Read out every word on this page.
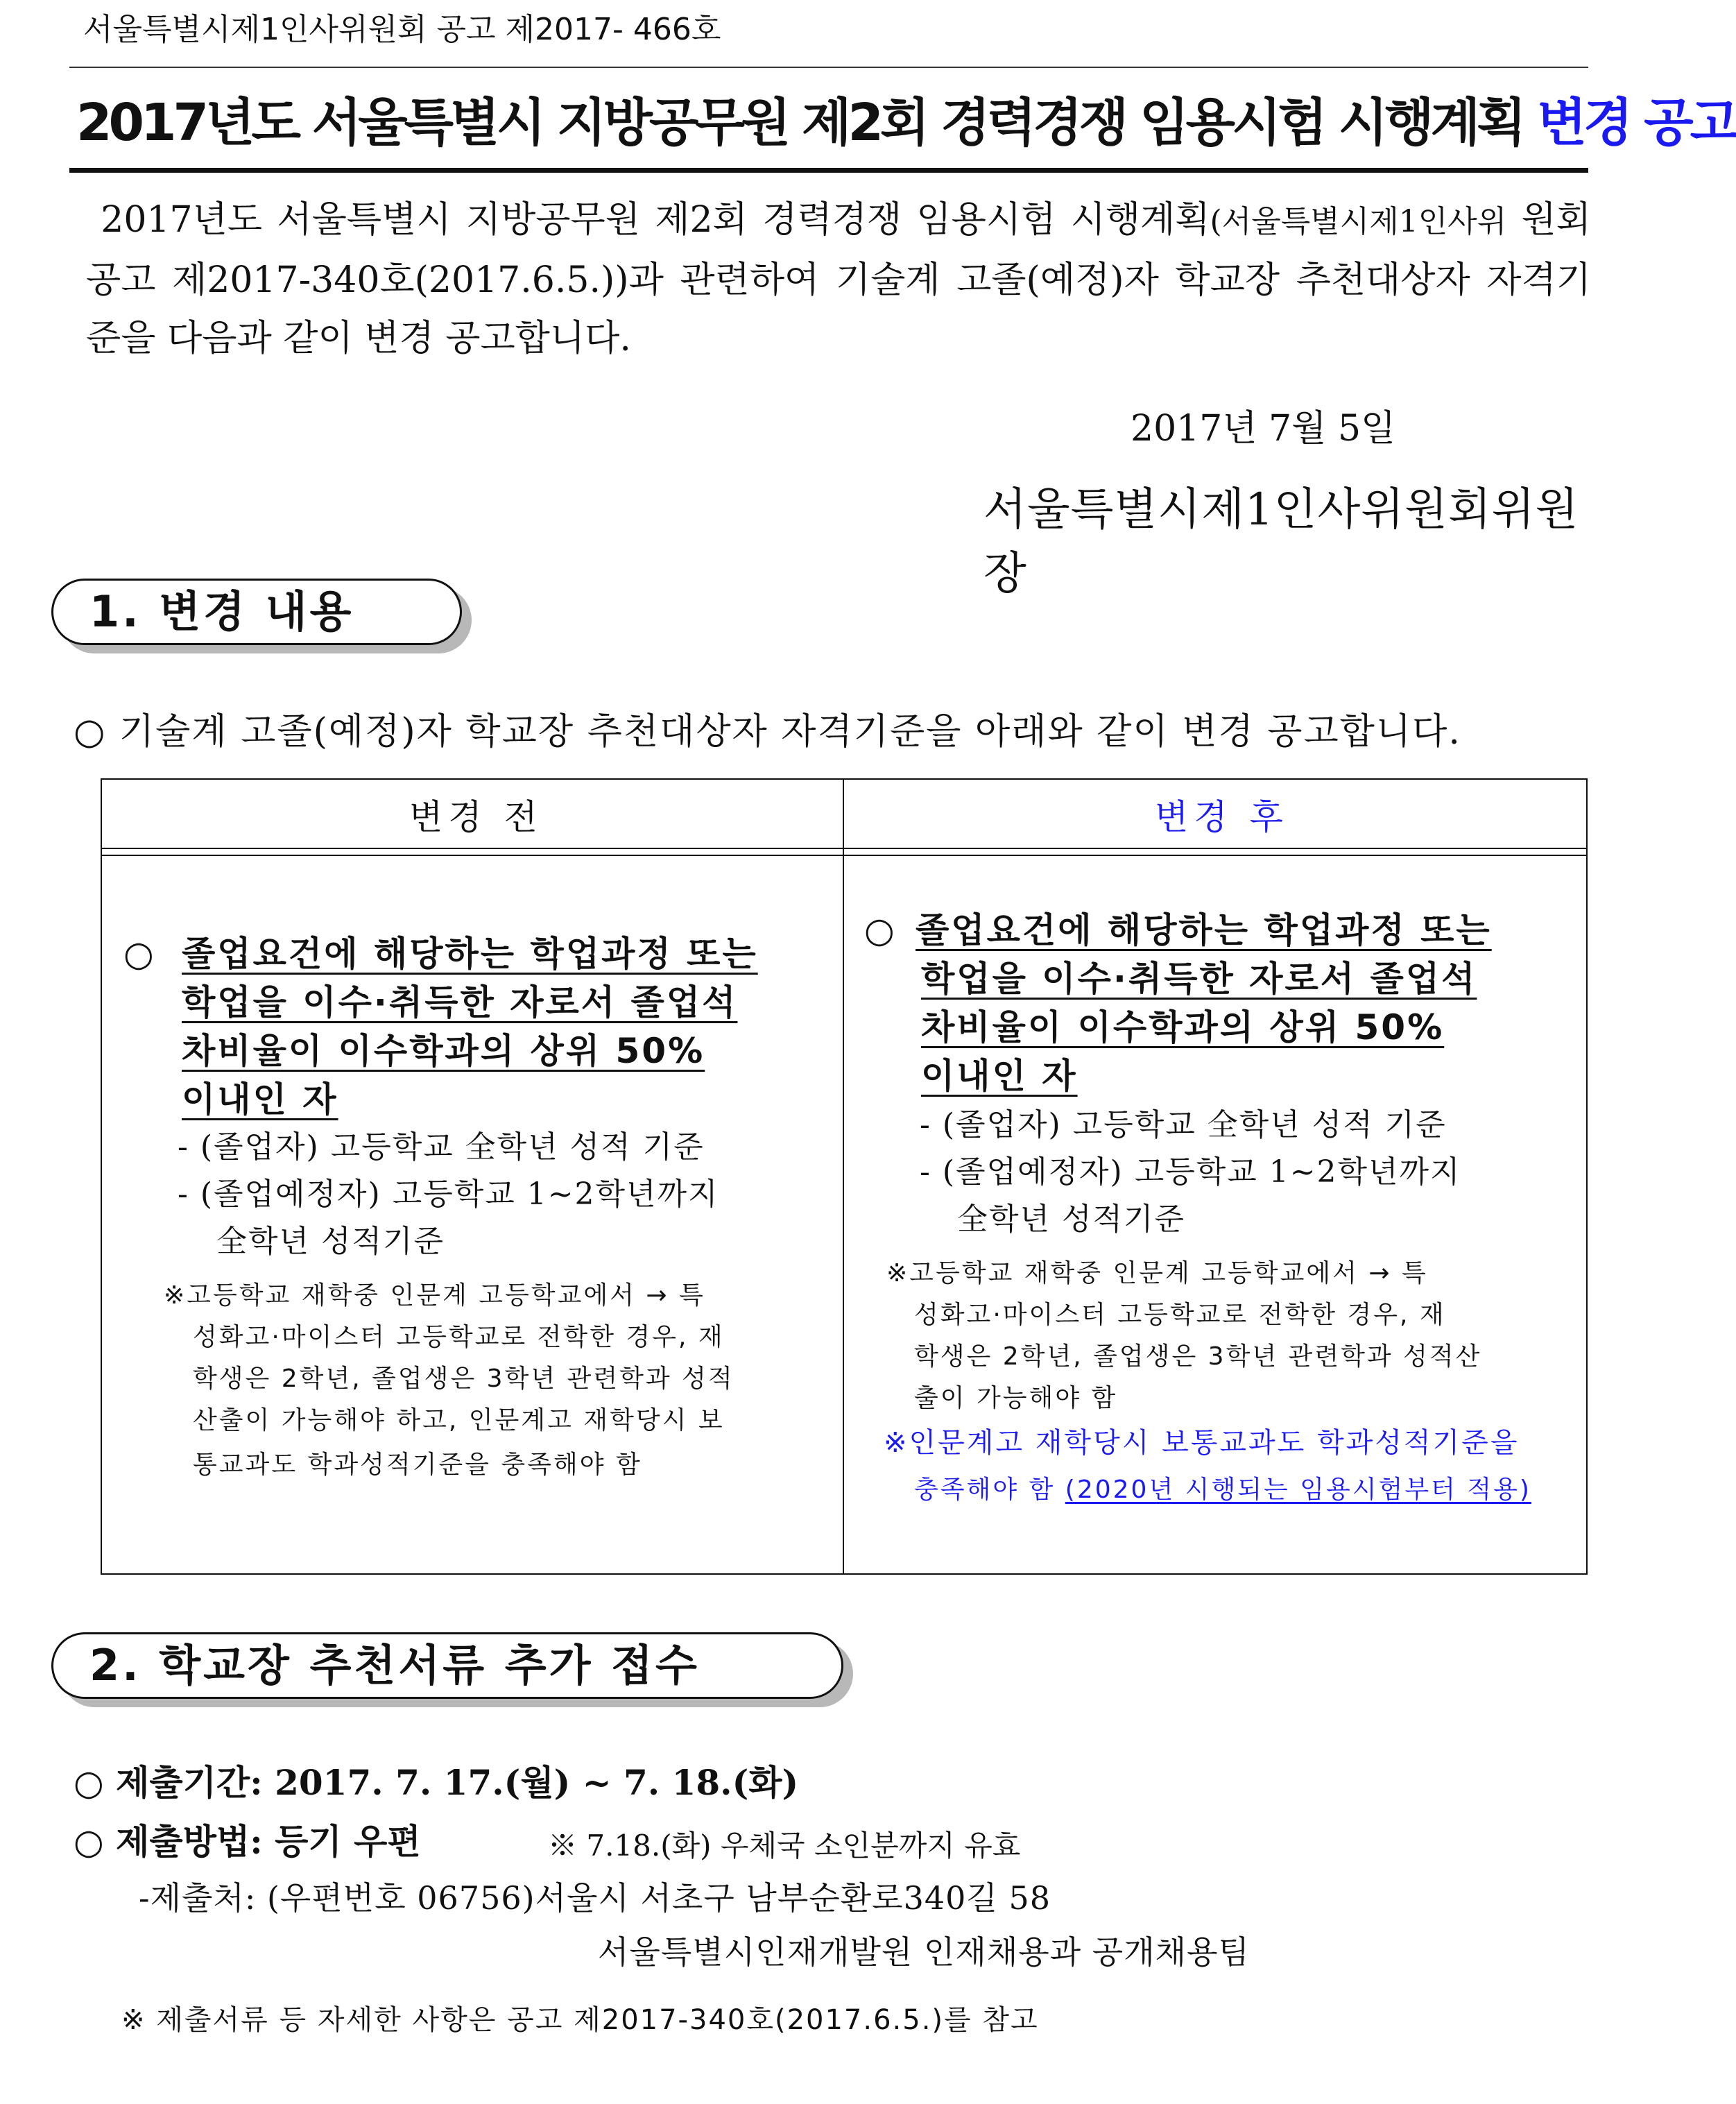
서울특별시제1인사위원회 공고 제2017- 466호
2017년도 서울특별시 지방공무원 제2회 경력경쟁 임용시험 시행계획 변경 공고
2017년도 서울특별시 지방공무원 제2회 경력경쟁 임용시험 시행계획(서울특별시제1인사위 원회 공고 제2017-340호(2017.6.5.))과 관련하여 기술계 고졸(예정)자 학교장 추천대상자 자격기준을 다음과 같이 변경 공고합니다.
2017년 7월 5일
서울특별시제1인사위원회위원장
1. 변경 내용
○ 기술계 고졸(예정)자 학교장 추천대상자 자격기준을 아래와 같이 변경 공고합니다.
변경 전	변경 후
○ 졸업요건에 해당하는 학업과정 또는
학업을 이수·취득한 자로서 졸업석
차비율이 이수학과의 상위 50%
이내인 자
- (졸업자) 고등학교 全학년 성적 기준
- (졸업예정자) 고등학교 1~2학년까지
全학년 성적기준
※고등학교 재학중 인문계 고등학교에서 → 특
성화고·마이스터 고등학교로 전학한 경우, 재
학생은 2학년, 졸업생은 3학년 관련학과 성적
산출이 가능해야 하고, 인문계고 재학당시 보
통교과도 학과성적기준을 충족해야 함
○ 졸업요건에 해당하는 학업과정 또는
학업을 이수·취득한 자로서 졸업석
차비율이 이수학과의 상위 50%
이내인 자
- (졸업자) 고등학교 全학년 성적 기준
- (졸업예정자) 고등학교 1~2학년까지
全학년 성적기준
※고등학교 재학중 인문계 고등학교에서 → 특
성화고·마이스터 고등학교로 전학한 경우, 재
학생은 2학년, 졸업생은 3학년 관련학과 성적산
출이 가능해야 함
※인문계고 재학당시 보통교과도 학과성적기준을
충족해야 함 (2020년 시행되는 임용시험부터 적용)
2. 학교장 추천서류 추가 접수
○ 제출기간: 2017. 7. 17.(월) ~ 7. 18.(화)
○ 제출방법: 등기 우편	※ 7.18.(화) 우체국 소인분까지 유효
-제출처: (우편번호 06756)서울시 서초구 남부순환로340길 58
서울특별시인재개발원 인재채용과 공개채용팀
※ 제출서류 등 자세한 사항은 공고 제2017-340호(2017.6.5.)를 참고
